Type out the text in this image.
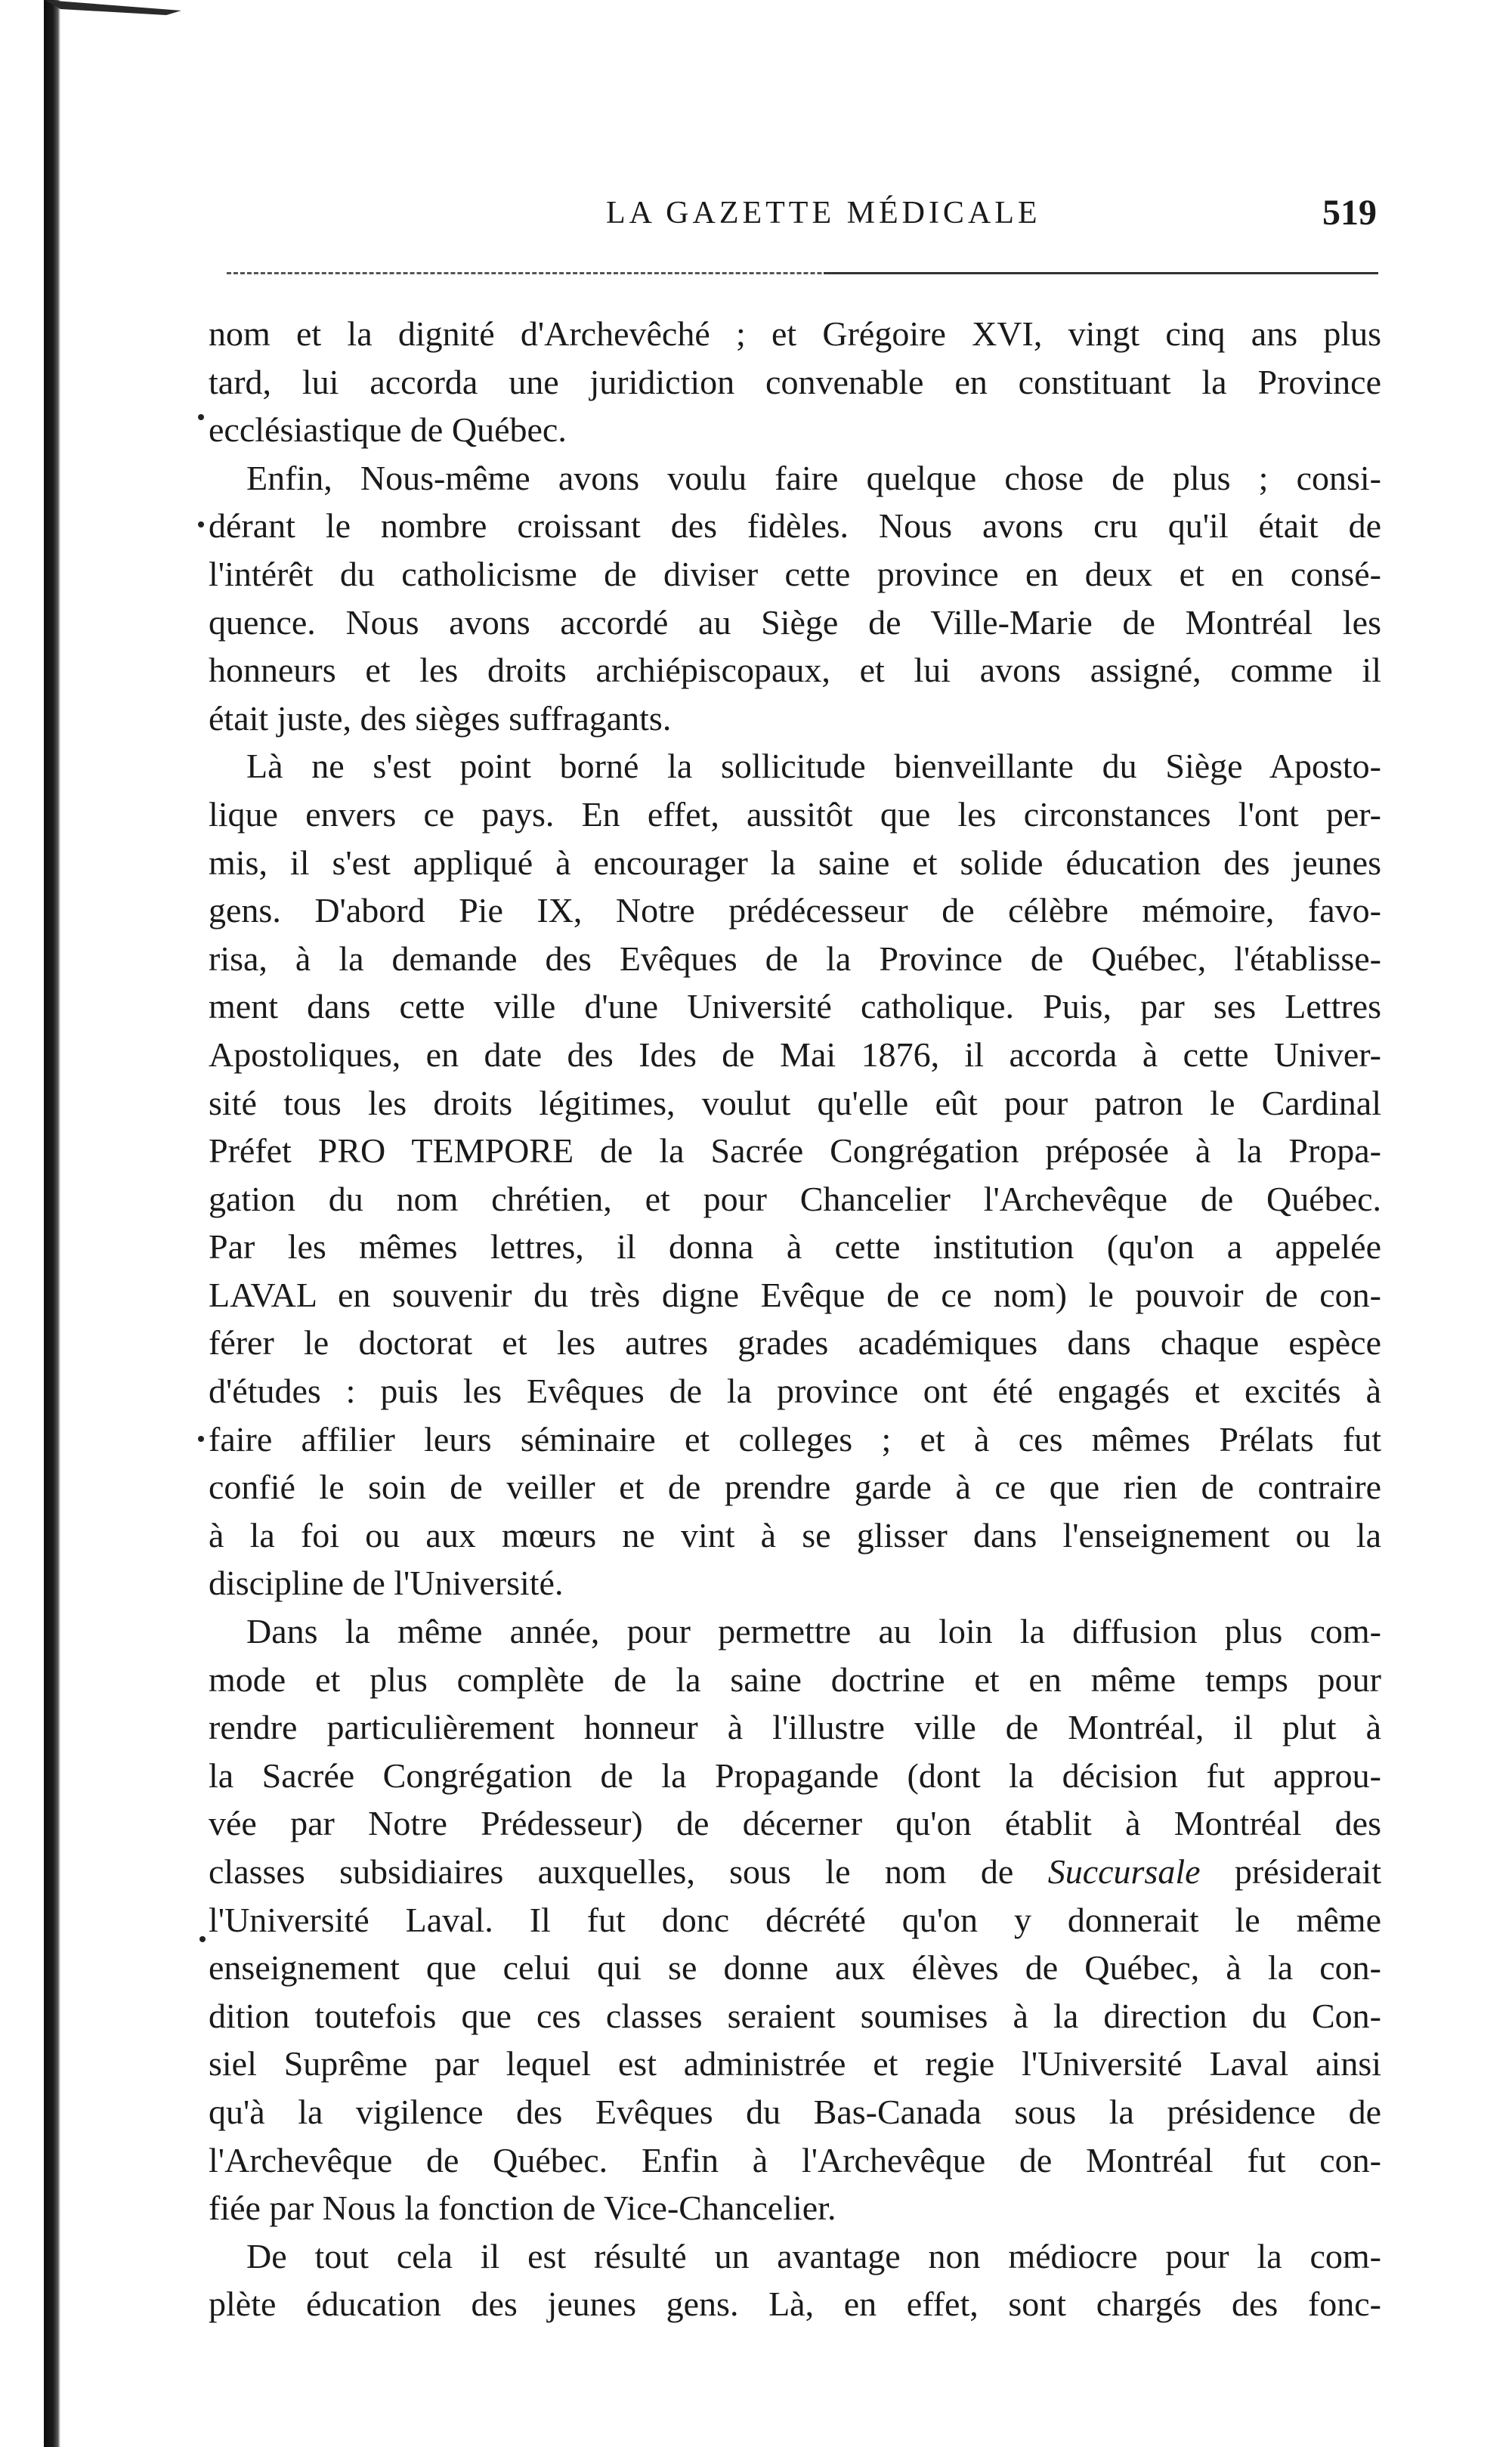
LA GAZETTE MÉDICALE	519
nom et la dignité d'Archevêché ; et Grégoire XVI, vingt cinq ans plus
tard, lui accorda une juridiction convenable en constituant la Province
ecclésiastique de Québec.
Enfin, Nous-même avons voulu faire quelque chose de plus ; consi-
dérant le nombre croissant des fidèles. Nous avons cru qu'il était de
l'intérêt du catholicisme de diviser cette province en deux et en consé-
quence. Nous avons accordé au Siège de Ville-Marie de Montréal les
honneurs et les droits archiépiscopaux, et lui avons assigné, comme il
était juste, des sièges suffragants.
Là ne s'est point borné la sollicitude bienveillante du Siège Aposto-
lique envers ce pays. En effet, aussitôt que les circonstances l'ont per-
mis, il s'est appliqué à encourager la saine et solide éducation des jeunes
gens. D'abord Pie IX, Notre prédécesseur de célèbre mémoire, favo-
risa, à la demande des Evêques de la Province de Québec, l'établisse-
ment dans cette ville d'une Université catholique. Puis, par ses Lettres
Apostoliques, en date des Ides de Mai 1876, il accorda à cette Univer-
sité tous les droits légitimes, voulut qu'elle eût pour patron le Cardinal
Préfet PRO TEMPORE de la Sacrée Congrégation préposée à la Propa-
gation du nom chrétien, et pour Chancelier l'Archevêque de Québec.
Par les mêmes lettres, il donna à cette institution (qu'on a appelée
LAVAL en souvenir du très digne Evêque de ce nom) le pouvoir de con-
férer le doctorat et les autres grades académiques dans chaque espèce
d'études : puis les Evêques de la province ont été engagés et excités à
faire affilier leurs séminaire et colleges ; et à ces mêmes Prélats fut
confié le soin de veiller et de prendre garde à ce que rien de contraire
à la foi ou aux mœurs ne vint à se glisser dans l'enseignement ou la
discipline de l'Université.
Dans la même année, pour permettre au loin la diffusion plus com-
mode et plus complète de la saine doctrine et en même temps pour
rendre particulièrement honneur à l'illustre ville de Montréal, il plut à
la Sacrée Congrégation de la Propagande (dont la décision fut approu-
vée par Notre Prédesseur) de décerner qu'on établit à Montréal des
classes subsidiaires auxquelles, sous le nom de Succursale présiderait
l'Université Laval. Il fut donc décrété qu'on y donnerait le même
enseignement que celui qui se donne aux élèves de Québec, à la con-
dition toutefois que ces classes seraient soumises à la direction du Con-
siel Suprême par lequel est administrée et regie l'Université Laval ainsi
qu'à la vigilence des Evêques du Bas-Canada sous la présidence de
l'Archevêque de Québec. Enfin à l'Archevêque de Montréal fut con-
fiée par Nous la fonction de Vice-Chancelier.
De tout cela il est résulté un avantage non médiocre pour la com-
plète éducation des jeunes gens. Là, en effet, sont chargés des fonc-
